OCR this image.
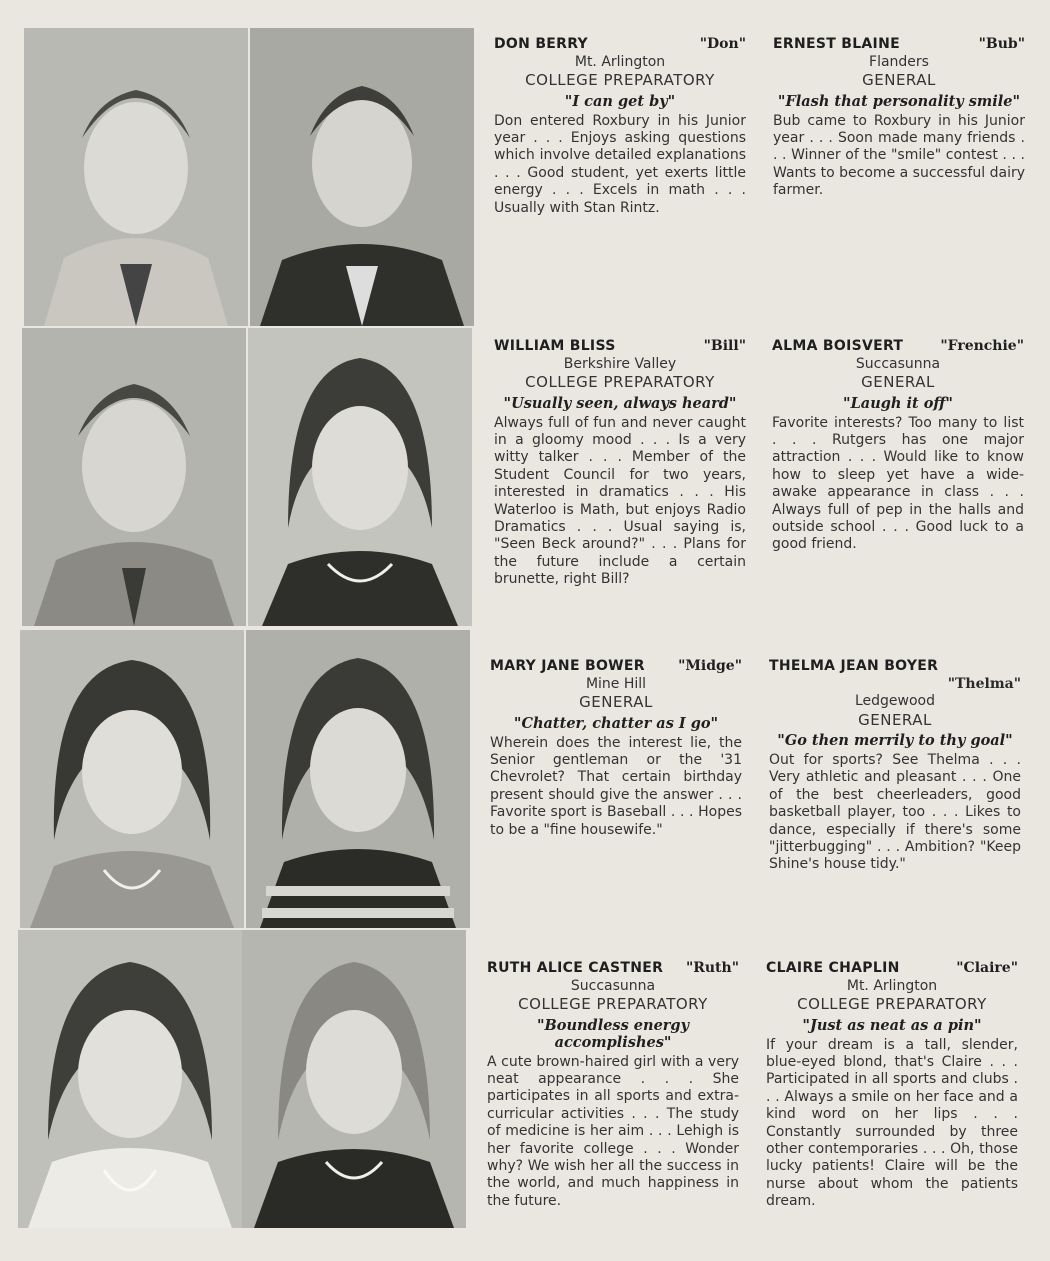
DON BERRY	"Don"
Mt. Arlington
COLLEGE PREPARATORY
"I can get by"
Don entered Roxbury in his Junior year . . . Enjoys asking questions which involve detailed explanations . . . Good student, yet exerts little energy . . . Excels in math . . . Usually with Stan Rintz.
ERNEST BLAINE	"Bub"
Flanders
GENERAL
"Flash that personality smile"
Bub came to Roxbury in his Junior year . . . Soon made many friends . . . Winner of the "smile" contest . . . Wants to become a successful dairy farmer.
WILLIAM BLISS	"Bill"
Berkshire Valley
COLLEGE PREPARATORY
"Usually seen, always heard"
Always full of fun and never caught in a gloomy mood . . . Is a very witty talker . . . Member of the Student Council for two years, interested in dramatics . . . His Waterloo is Math, but enjoys Radio Dramatics . . . Usual saying is, "Seen Beck around?" . . . Plans for the future include a certain brunette, right Bill?
ALMA BOISVERT	"Frenchie"
Succasunna
GENERAL
"Laugh it off"
Favorite interests? Too many to list . . . Rutgers has one major attraction . . . Would like to know how to sleep yet have a wide-awake appearance in class . . . Always full of pep in the halls and outside school . . . Good luck to a good friend.
MARY JANE BOWER "Midge"
Mine Hill
GENERAL
"Chatter, chatter as I go"
Wherein does the interest lie, the Senior gentleman or the '31 Chevrolet? That certain birthday present should give the answer . . . Favorite sport is Baseball . . . Hopes to be a "fine housewife."
THELMA JEAN BOYER
"Thelma"
Ledgewood
GENERAL
"Go then merrily to thy goal"
Out for sports? See Thelma . . . Very athletic and pleasant . . . One of the best cheerleaders, good basketball player, too . . . Likes to dance, especially if there's some "jitterbugging" . . . Ambition? "Keep Shine's house tidy."
RUTH ALICE CASTNER "Ruth"
Succasunna
COLLEGE PREPARATORY
"Boundless energy accomplishes"
A cute brown-haired girl with a very neat appearance . . . She participates in all sports and extra-curricular activities . . . The study of medicine is her aim . . . Lehigh is her favorite college . . . Wonder why? We wish her all the success in the world, and much happiness in the future.
CLAIRE CHAPLIN	"Claire"
Mt. Arlington
COLLEGE PREPARATORY
"Just as neat as a pin"
If your dream is a tall, slender, blue-eyed blond, that's Claire . . . Participated in all sports and clubs . . . Always a smile on her face and a kind word on her lips . . . Constantly surrounded by three other contemporaries . . . Oh, those lucky patients! Claire will be the nurse about whom the patients dream.
